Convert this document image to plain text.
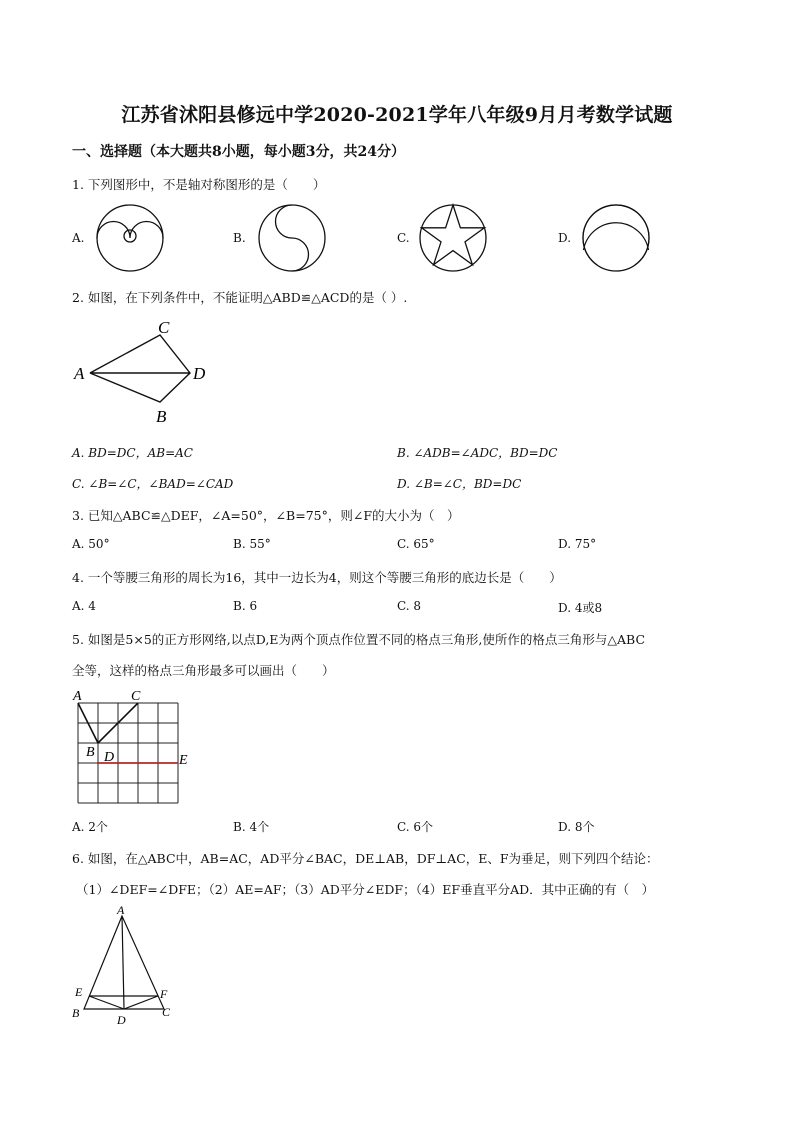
江苏省沭阳县修远中学2020-2021学年八年级9月月考数学试题
一、选择题（本大题共8小题，每小题3分，共24分）
1. 下列图形中，不是轴对称图形的是（　　）
A.	B.	C.	D.
2. 如图，在下列条件中，不能证明△ABD≌△ACD的是（ ）.
C
A	D
B
A. BD=DC，AB=AC	B. ∠ADB=∠ADC，BD=DC
C. ∠B=∠C，∠BAD=∠CAD	D. ∠B=∠C，BD=DC
3. 已知△ABC≌△DEF，∠A=50°，∠B=75°，则∠F的大小为（　）
A. 50°	B. 55°	C. 65°	D. 75°
4. 一个等腰三角形的周长为16，其中一边长为4，则这个等腰三角形的底边长是（　　）
A. 4	B. 6	C. 8	D. 4或8
5. 如图是5×5的正方形网络,以点D,E为两个顶点作位置不同的格点三角形,使所作的格点三角形与△ABC
全等，这样的格点三角形最多可以画出（　　）
A	C
B D	E
A. 2个	B. 4个	C. 6个	D. 8个
6. 如图，在△ABC中，AB=AC，AD平分∠BAC，DE⊥AB，DF⊥AC，E、F为垂足，则下列四个结论：
（1）∠DEF=∠DFE；（2）AE=AF；（3）AD平分∠EDF；（4）EF垂直平分AD．其中正确的有（　）
A
E	F
B	D
C
